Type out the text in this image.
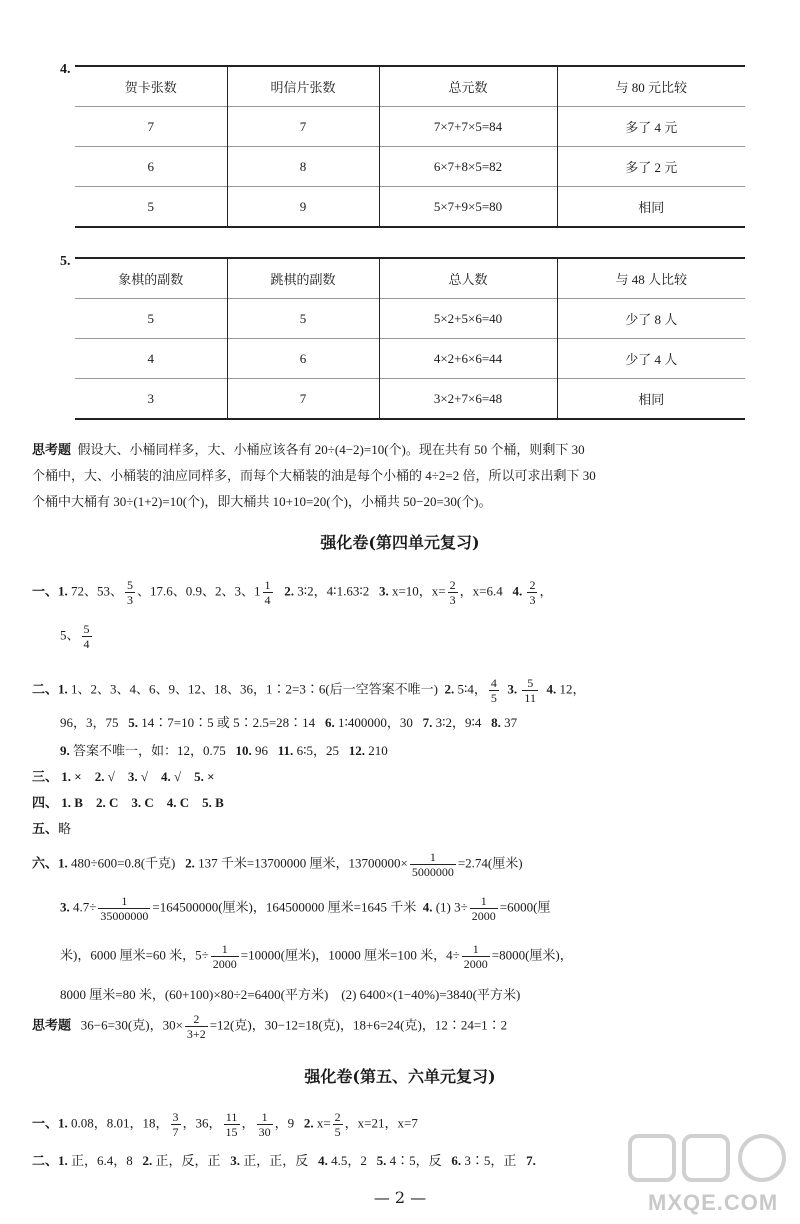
4.
贺卡张数	明信片张数	总元数	与 80 元比较
7	7	7×7+7×5=84	多了 4 元
6	8	6×7+8×5=82	多了 2 元
5	9	5×7+9×5=80	相同
5.
象棋的副数	跳棋的副数	总人数	与 48 人比较
5	5	5×2+5×6=40	少了 8 人
4	6	4×2+6×6=44	少了 4 人
3	7	3×2+7×6=48	相同
思考题 假设大、小桶同样多，大、小桶应该各有 20÷(4−2)=10(个)。现在共有 50 个桶，则剩下 30
个桶中，大、小桶装的油应同样多，而每个大桶装的油是每个小桶的 4÷2=2 倍，所以可求出剩下 30
个桶中大桶有 30÷(1+2)=10(个)，即大桶共 10+10=20(个)，小桶共 50−20=30(个)。
强化卷(第四单元复习)
一、1. 72、53、 $\frac{5}{3}$ 、17.6、0.9、2、3、$1 \frac{1}{4} 2$. 3∶2，4∶1.63∶2 3. x=10，$x= \frac{2}{3}$ ，x=6.4 4. $\frac{2}{3}$ ，
5、 $\frac{5}{4}$
二、1. 1、2、3、4、6、9、12、18、36，1∶2=3∶6(后一空答案不唯一) 2. 5∶4， $\frac{4}{5} 3$. $\frac{5}{11} 4$. 12，
96，3，75 5. 14∶7=10∶5 或 5∶2.5=28∶14 6. 1∶400000，30 7. 3∶2，9∶4 8. 37
9. 答案不唯一，如：12，0.75 10. 96 11. 6∶5，25 12. 210
三、 1. × 2. √ 3. √ 4. √ 5. ×
四、 1. B 2. C 3. C 4. C 5. B
五、略
六、1. 480÷600=0.8(千克) 2. 137 千米=13700000 厘米，$13700000\times \frac{1}{5000000} =2.74$(厘米)
3. $4.7\div \frac{1}{35000000} =164500000$(厘米)，164500000 厘米=1645 千米 4. (1) $3\div \frac{1}{2000} =6000$(厘
米)，6000 厘米=60 米，$5\div \frac{1}{2000} =10000$(厘米)，10000 厘米=100 米，$4\div \frac{1}{2000} =8000$(厘米)，
8000 厘米=80 米，(60+100)×80÷2=6400(平方米)　(2) 6400×(1−40%)=3840(平方米)
思考题 36−6=30(克)，$30\times \frac{2}{3+2} =12$(克)，30−12=18(克)，18+6=24(克)，12∶24=1∶2
强化卷(第五、六单元复习)
一、1. 0.08，8.01，18， $\frac{3}{7}$ ，36， $\frac{11}{15}$ ， $\frac{1}{30}$ ，9 2. $x= \frac{2}{5}$ ，x=21，x=7
二、1. 正，6.4，8 2. 正，反，正 3. 正，正，反 4. 4.5，2 5. 4∶5，反 6. 3∶5，正 7.
MXQE.COM
— 2 —
